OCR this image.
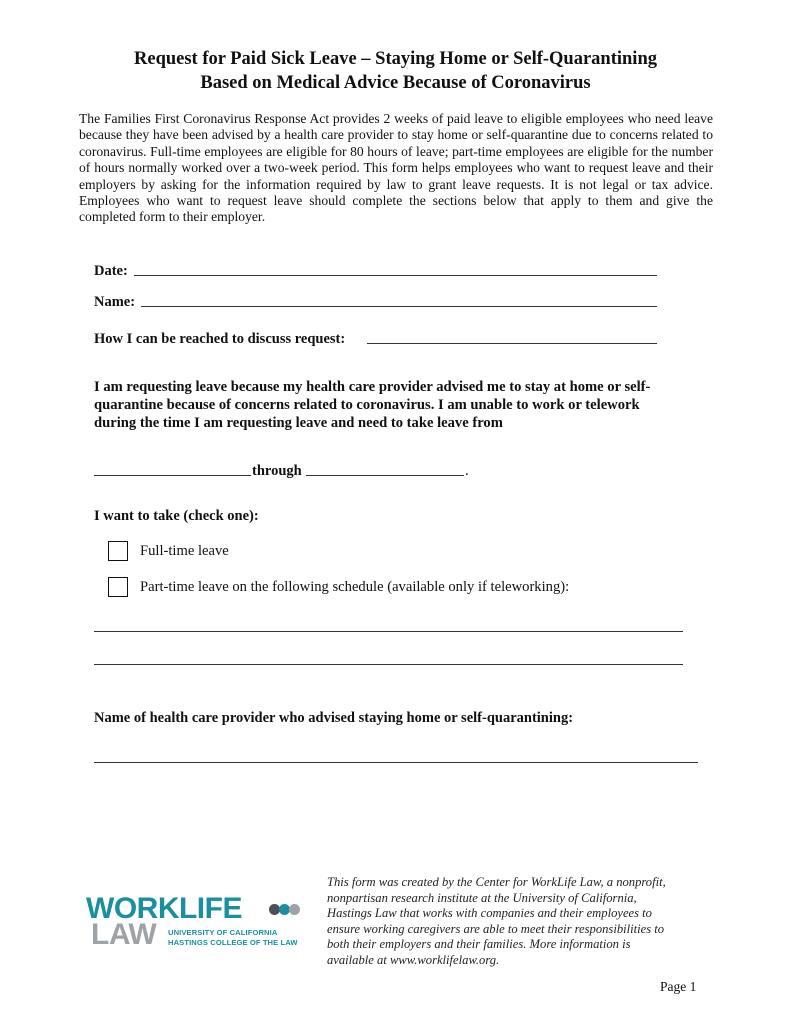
Request for Paid Sick Leave – Staying Home or Self-Quarantining
Based on Medical Advice Because of Coronavirus
The Families First Coronavirus Response Act provides 2 weeks of paid leave to eligible employees who need leave because they have been advised by a health care provider to stay home or self-quarantine due to concerns related to coronavirus. Full-time employees are eligible for 80 hours of leave; part-time employees are eligible for the number of hours normally worked over a two-week period. This form helps employees who want to request leave and their employers by asking for the information required by law to grant leave requests. It is not legal or tax advice. Employees who want to request leave should complete the sections below that apply to them and give the completed form to their employer.
Date:
Name:
How I can be reached to discuss request:
I am requesting leave because my health care provider advised me to stay at home or self-quarantine because of concerns related to coronavirus. I am unable to work or telework during the time I am requesting leave and need to take leave from
through	.
I want to take (check one):
Full-time leave
Part-time leave on the following schedule (available only if teleworking):
Name of health care provider who advised staying home or self-quarantining:
WORKLIFE
LAW UNIVERSITY OF CALIFORNIA
HASTINGS COLLEGE OF THE LAW
This form was created by the Center for WorkLife Law, a nonprofit, nonpartisan research institute at the University of California, Hastings Law that works with companies and their employees to ensure working caregivers are able to meet their responsibilities to both their employers and their families. More information is available at www.worklifelaw.org.
Page 1
